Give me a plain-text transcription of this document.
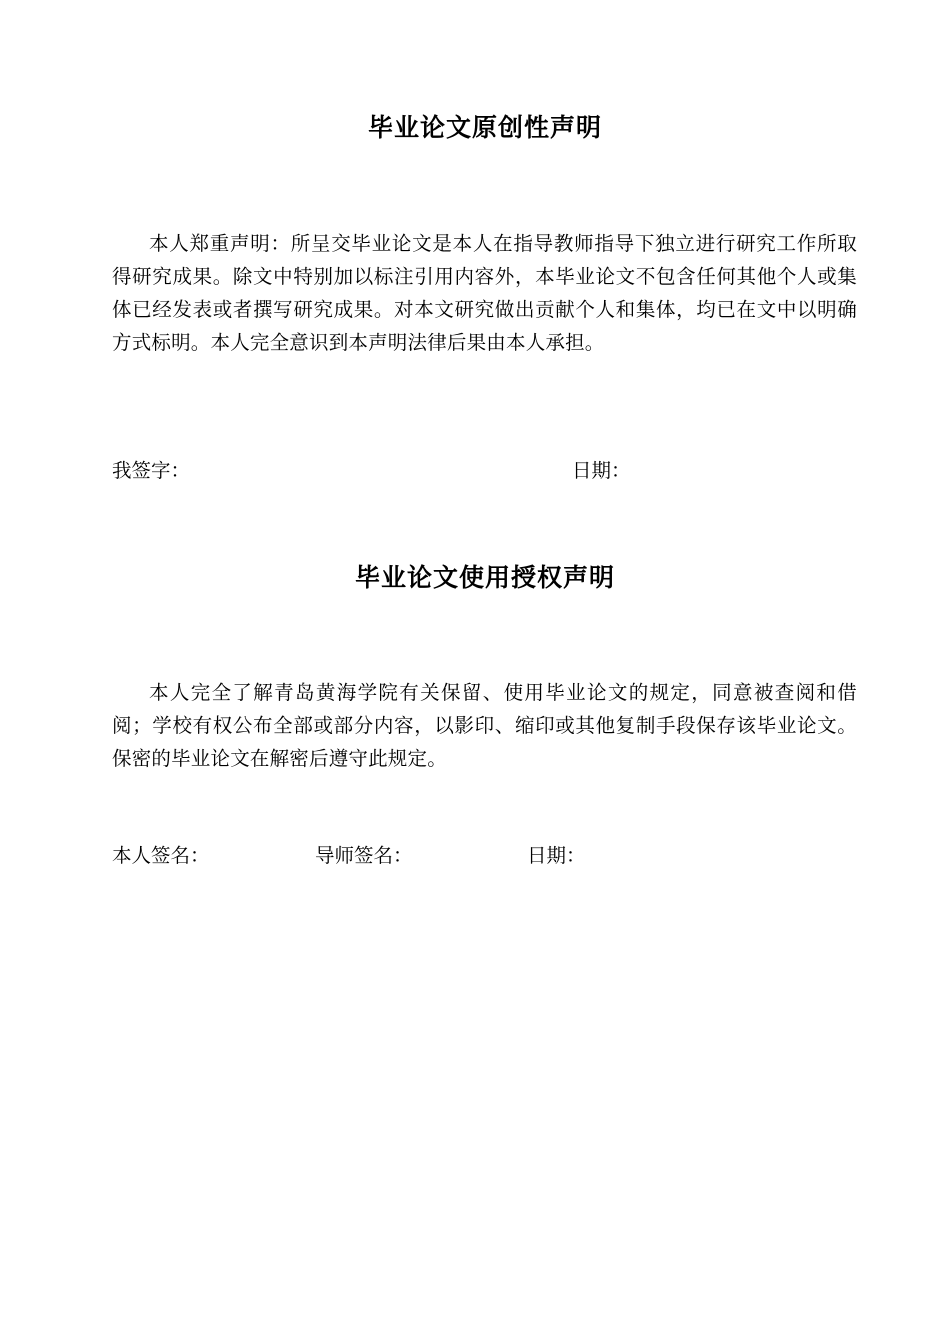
毕业论文原创性声明

本人郑重声明：所呈交毕业论文是本人在指导教师指导下独立进行研究工作所取得研究成果。除文中特别加以标注引用内容外，本毕业论文不包含任何其他个人或集体已经发表或者撰写研究成果。对本文研究做出贡献个人和集体，均已在文中以明确方式标明。本人完全意识到本声明法律后果由本人承担。

我签字：	日期：
毕业论文使用授权声明

本人完全了解青岛黄海学院有关保留、使用毕业论文的规定，同意被查阅和借阅；学校有权公布全部或部分内容，以影印、缩印或其他复制手段保存该毕业论文。保密的毕业论文在解密后遵守此规定。

本人签名：	导师签名：	日期：
